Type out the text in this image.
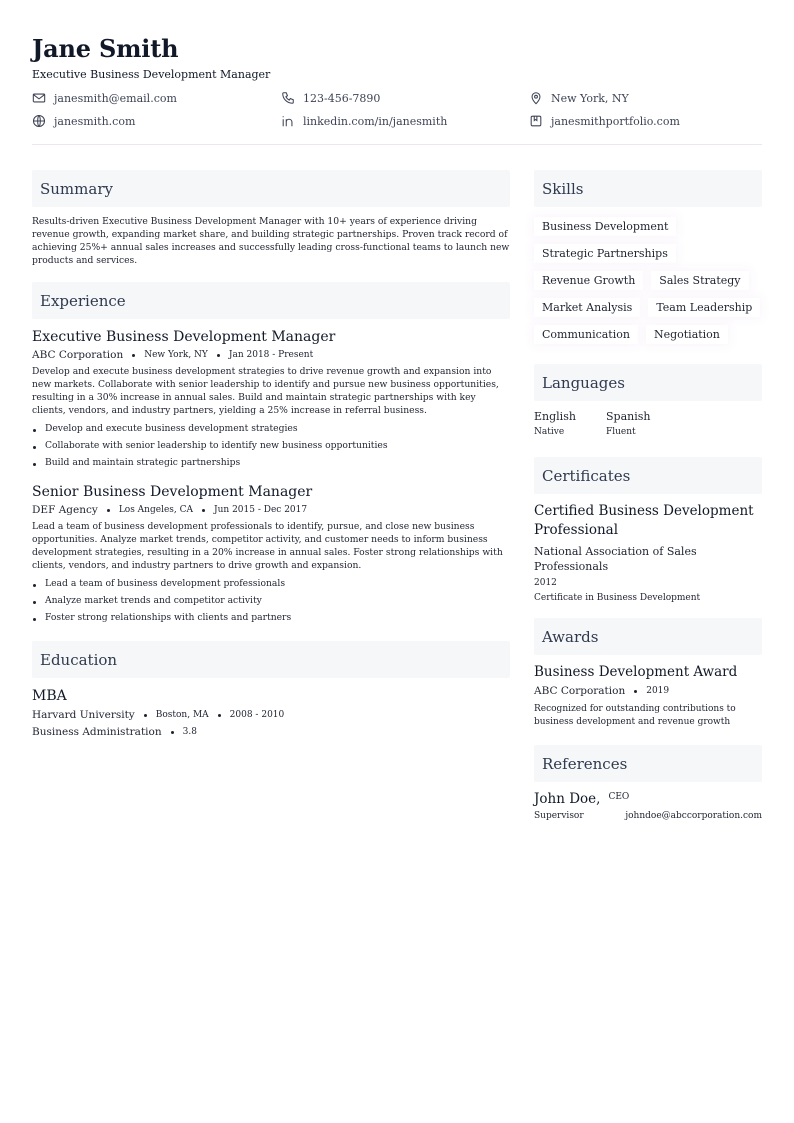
Jane Smith
Executive Business Development Manager
janesmith@email.com	123-456-7890	New York, NY
janesmith.com	linkedin.com/in/janesmith	janesmithportfolio.com
Summary

Results-driven Executive Business Development Manager with 10+ years of experience driving revenue growth, expanding market share, and building strategic partnerships. Proven track record of achieving 25%+ annual sales increases and successfully leading cross-functional teams to launch new products and services.

Experience
Executive Business Development Manager
ABC Corporation New York, NY Jan 2018 - Present

Develop and execute business development strategies to drive revenue growth and expansion into new markets. Collaborate with senior leadership to identify and pursue new business opportunities, resulting in a 30% increase in annual sales. Build and maintain strategic partnerships with key clients, vendors, and industry partners, yielding a 25% increase in referral business.

Develop and execute business development strategies
Collaborate with senior leadership to identify new business opportunities
Build and maintain strategic partnerships
Senior Business Development Manager
DEF Agency Los Angeles, CA Jun 2015 - Dec 2017

Lead a team of business development professionals to identify, pursue, and close new business opportunities. Analyze market trends, competitor activity, and customer needs to inform business development strategies, resulting in a 20% increase in annual sales. Foster strong relationships with clients, vendors, and industry partners to drive growth and expansion.

Lead a team of business development professionals
Analyze market trends and competitor activity
Foster strong relationships with clients and partners
Education
MBA
Harvard University Boston, MA 2008 - 2010
Business Administration 3.8
Skills
Business Development
Strategic Partnerships
Revenue Growth	Sales Strategy
Market Analysis	Team Leadership
Communication	Negotiation
Languages
English
Native
Spanish
Fluent
Certificates
Certified Business Development Professional
National Association of Sales Professionals
2012
Certificate in Business Development
Awards
Business Development Award
ABC Corporation 2019
Recognized for outstanding contributions to business development and revenue growth
References
John Doe, CEO
Supervisor	johndoe@abccorporation.com
